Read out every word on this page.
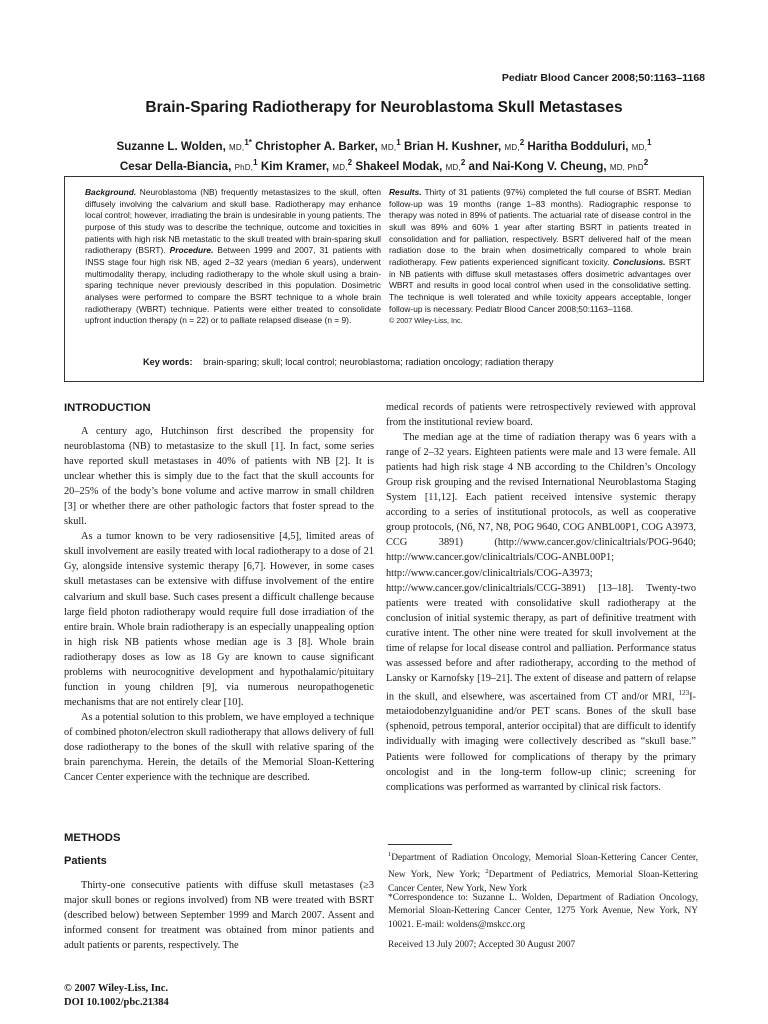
Pediatr Blood Cancer 2008;50:1163–1168
Brain-Sparing Radiotherapy for Neuroblastoma Skull Metastases
Suzanne L. Wolden, MD,$^{1*}$ Christopher A. Barker, MD,$^1$ Brian H. Kushner, MD,$^2$ Haritha Bodduluri, MD,$^1$
Cesar Della-Biancia, PhD,$^1$ Kim Kramer, MD,$^2$ Shakeel Modak, MD,$^2$ and Nai-Kong V. Cheung, MD, PhD$^2$
Background. Neuroblastoma (NB) frequently metastasizes to the skull, often diffusely involving the calvarium and skull base. Radiotherapy may enhance local control; however, irradiating the brain is undesirable in young patients. The purpose of this study was to describe the technique, outcome and toxicities in patients with high risk NB metastatic to the skull treated with brain-sparing skull radiotherapy (BSRT). Procedure. Between 1999 and 2007, 31 patients with INSS stage four high risk NB, aged 2–32 years (median 6 years), underwent multimodality therapy, including radiotherapy to the whole skull using a brain-sparing technique never previously described in this population. Dosimetric analyses were performed to compare the BSRT technique to a whole brain radiotherapy (WBRT) technique. Patients were either treated to consolidate upfront induction therapy (n = 22) or to palliate relapsed disease (n = 9).
Results. Thirty of 31 patients (97%) completed the full course of BSRT. Median follow-up was 19 months (range 1–83 months). Radiographic response to therapy was noted in 89% of patients. The actuarial rate of disease control in the skull was 89% and 60% 1 year after starting BSRT in patients treated in consolidation and for palliation, respectively. BSRT delivered half of the mean radiation dose to the brain when dosimetrically compared to whole brain radiotherapy. Few patients experienced significant toxicity. Conclusions. BSRT in NB patients with diffuse skull metastases offers dosimetric advantages over WBRT and results in good local control when used in the consolidative setting. The technique is well tolerated and while toxicity appears acceptable, longer follow-up is necessary. Pediatr Blood Cancer 2008;50:1163–1168.
© 2007 Wiley-Liss, Inc.
Key words: brain-sparing; skull; local control; neuroblastoma; radiation oncology; radiation therapy
INTRODUCTION

A century ago, Hutchinson first described the propensity for neuroblastoma (NB) to metastasize to the skull [1]. In fact, some series have reported skull metastases in 40% of patients with NB [2]. It is unclear whether this is simply due to the fact that the skull accounts for 20–25% of the body’s bone volume and active marrow in small children [3] or whether there are other pathologic factors that foster spread to the skull.

As a tumor known to be very radiosensitive [4,5], limited areas of skull involvement are easily treated with local radiotherapy to a dose of 21 Gy, alongside intensive systemic therapy [6,7]. However, in some cases skull metastases can be extensive with diffuse involvement of the entire calvarium and skull base. Such cases present a difficult challenge because large field photon radiotherapy would require full dose irradiation of the entire brain. Whole brain radiotherapy is an especially unappealing option in high risk NB patients whose median age is 3 [8]. Whole brain radiotherapy doses as low as 18 Gy are known to cause significant problems with neurocognitive development and hypothalamic/pituitary function in young children [9], via numerous neuropathogenetic mechanisms that are not entirely clear [10].

As a potential solution to this problem, we have employed a technique of combined photon/electron skull radiotherapy that allows delivery of full dose radiotherapy to the bones of the skull with relative sparing of the brain parenchyma. Herein, the details of the Memorial Sloan-Kettering Cancer Center experience with the technique are described.

METHODS
Patients

Thirty-one consecutive patients with diffuse skull metastases (≥3 major skull bones or regions involved) from NB were treated with BSRT (described below) between September 1999 and March 2007. Assent and informed consent for treatment was obtained from minor patients and adult patients or parents, respectively. The

medical records of patients were retrospectively reviewed with approval from the institutional review board.

The median age at the time of radiation therapy was 6 years with a range of 2–32 years. Eighteen patients were male and 13 were female. All patients had high risk stage 4 NB according to the Children’s Oncology Group risk grouping and the revised International Neuroblastoma Staging System [11,12]. Each patient received intensive systemic therapy according to a series of institutional protocols, as well as cooperative group protocols, (N6, N7, N8, POG 9640, COG ANBL00P1, COG A3973, CCG 3891) (http://www.cancer.gov/clinicaltrials/POG-9640; http://www.cancer.gov/clinicaltrials/COG-ANBL00P1; http://www.cancer.gov/clinicaltrials/COG-A3973; http://www.cancer.gov/clinicaltrials/CCG-3891) [13–18]. Twenty-two patients were treated with consolidative skull radiotherapy at the conclusion of initial systemic therapy, as part of definitive treatment with curative intent. The other nine were treated for skull involvement at the time of relapse for local disease control and palliation. Performance status was assessed before and after radiotherapy, according to the method of Lansky or Karnofsky [19–21]. The extent of disease and pattern of relapse in the skull, and elsewhere, was ascertained from CT and/or MRI, $^{123}$I-metaiodobenzylguanidine and/or PET scans. Bones of the skull base (sphenoid, petrous temporal, anterior occipital) that are difficult to identify individually with imaging were collectively described as “skull base.” Patients were followed for complications of therapy by the primary oncologist and in the long-term follow-up clinic; screening for complications was performed as warranted by clinical risk factors.

$^1$Department of Radiation Oncology, Memorial Sloan-Kettering Cancer Center, New York, New York; $^2$Department of Pediatrics, Memorial Sloan-Kettering Cancer Center, New York, New York

*Correspondence to: Suzanne L. Wolden, Department of Radiation Oncology, Memorial Sloan-Kettering Cancer Center, 1275 York Avenue, New York, NY 10021. E-mail: woldens@mskcc.org

Received 13 July 2007; Accepted 30 August 2007

© 2007 Wiley-Liss, Inc.
DOI 10.1002/pbc.21384
